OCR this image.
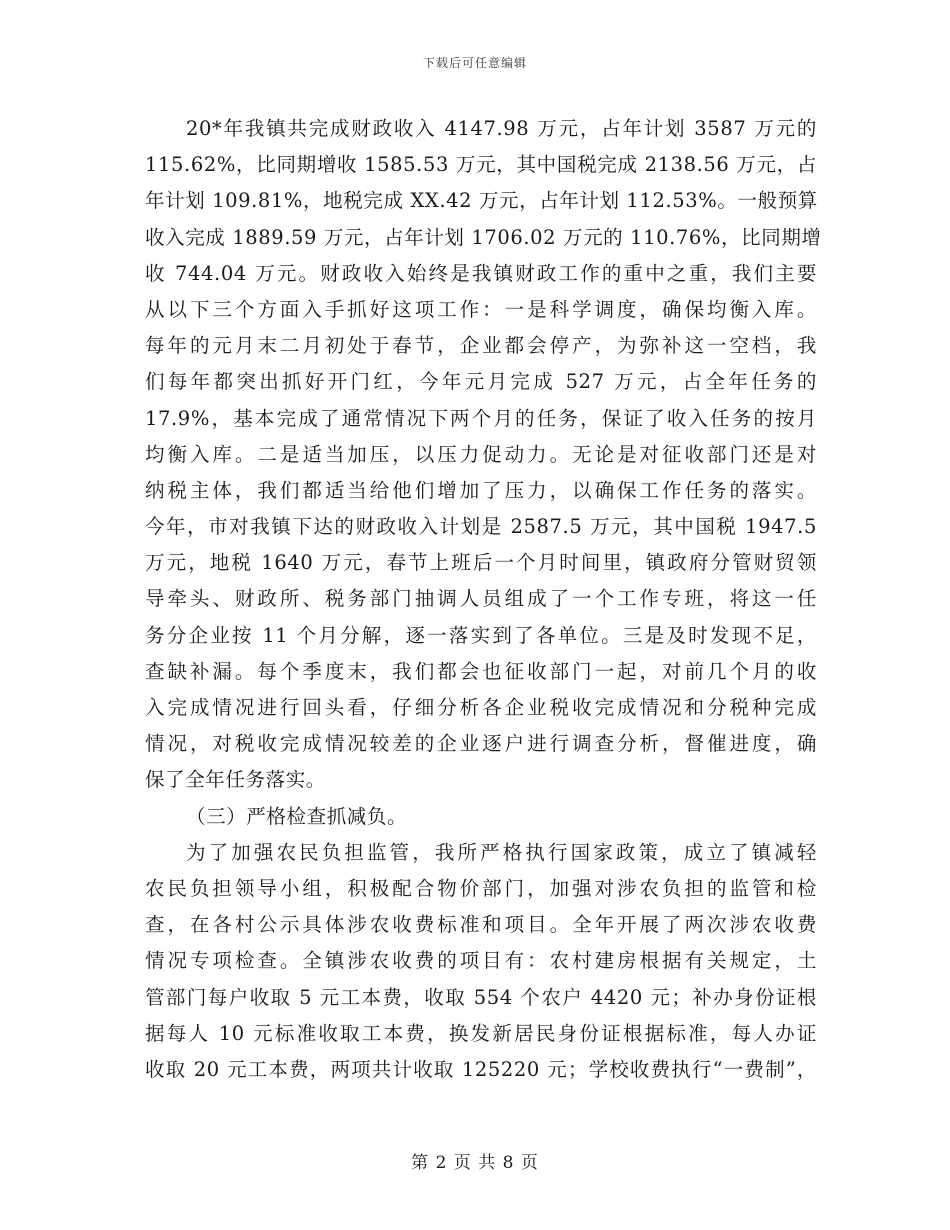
下载后可任意编辑
20*年我镇共完成财政收入 4147.98 万元，占年计划 3587 万元的
115.62%，比同期增收 1585.53 万元，其中国税完成 2138.56 万元，占
年计划 109.81%，地税完成 XX.42 万元，占年计划 112.53%。一般预算
收入完成 1889.59 万元，占年计划 1706.02 万元的 110.76%，比同期增
收 744.04 万元。财政收入始终是我镇财政工作的重中之重，我们主要
从以下三个方面入手抓好这项工作：一是科学调度，确保均衡入库。
每年的元月末二月初处于春节，企业都会停产，为弥补这一空档，我
们每年都突出抓好开门红，今年元月完成 527 万元，占全年任务的
17.9%，基本完成了通常情况下两个月的任务，保证了收入任务的按月
均衡入库。二是适当加压，以压力促动力。无论是对征收部门还是对
纳税主体，我们都适当给他们增加了压力，以确保工作任务的落实。
今年，市对我镇下达的财政收入计划是 2587.5 万元，其中国税 1947.5
万元，地税 1640 万元，春节上班后一个月时间里，镇政府分管财贸领
导牵头、财政所、税务部门抽调人员组成了一个工作专班，将这一任
务分企业按 11 个月分解，逐一落实到了各单位。三是及时发现不足，
查缺补漏。每个季度末，我们都会也征收部门一起，对前几个月的收
入完成情况进行回头看，仔细分析各企业税收完成情况和分税种完成
情况，对税收完成情况较差的企业逐户进行调查分析，督催进度，确
保了全年任务落实。
（三）严格检查抓减负。
为了加强农民负担监管，我所严格执行国家政策，成立了镇减轻
农民负担领导小组，积极配合物价部门，加强对涉农负担的监管和检
查，在各村公示具体涉农收费标准和项目。全年开展了两次涉农收费
情况专项检查。全镇涉农收费的项目有：农村建房根据有关规定，土
管部门每户收取 5 元工本费，收取 554 个农户 4420 元；补办身份证根
据每人 10 元标准收取工本费，换发新居民身份证根据标准，每人办证
收取 20 元工本费，两项共计收取 125220 元；学校收费执行“一费制”，
第 2 页 共 8 页
